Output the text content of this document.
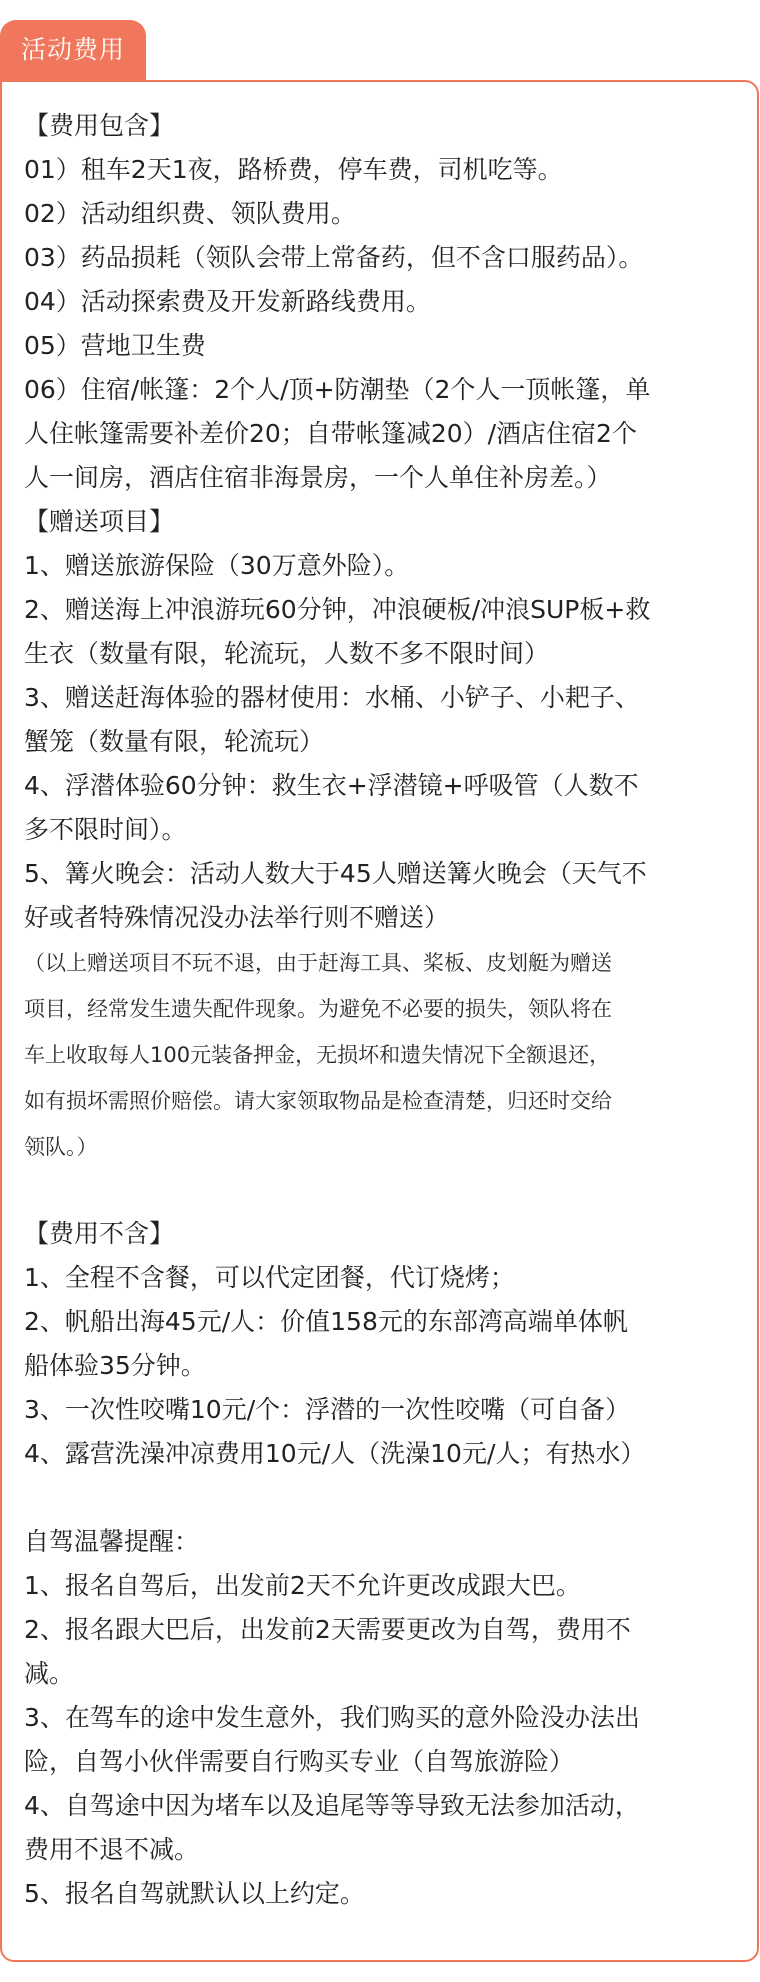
活动费用
【费用包含】
01）租车2天1夜，路桥费，停车费，司机吃等。
02）活动组织费、领队费用。
03）药品损耗（领队会带上常备药，但不含口服药品）。
04）活动探索费及开发新路线费用。
05）营地卫生费
06）住宿/帐篷：2个人/顶+防潮垫（2个人一顶帐篷，单
人住帐篷需要补差价20；自带帐篷减20）/酒店住宿2个
人一间房，酒店住宿非海景房，一个人单住补房差。）
【赠送项目】
1、赠送旅游保险（30万意外险）。
2、赠送海上冲浪游玩60分钟，冲浪硬板/冲浪SUP板+救
生衣（数量有限，轮流玩，人数不多不限时间）
3、赠送赶海体验的器材使用：水桶、小铲子、小耙子、
蟹笼（数量有限，轮流玩）
4、浮潜体验60分钟：救生衣+浮潜镜+呼吸管（人数不
多不限时间）。
5、篝火晚会：活动人数大于45人赠送篝火晚会（天气不
好或者特殊情况没办法举行则不赠送）
（以上赠送项目不玩不退，由于赶海工具、桨板、皮划艇为赠送
项目，经常发生遗失配件现象。为避免不必要的损失，领队将在
车上收取每人100元装备押金，无损坏和遗失情况下全额退还，
如有损坏需照价赔偿。请大家领取物品是检查清楚，归还时交给
领队。）
【费用不含】
1、全程不含餐，可以代定团餐，代订烧烤；
2、帆船出海45元/人：价值158元的东部湾高端单体帆
船体验35分钟。
3、一次性咬嘴10元/个：浮潜的一次性咬嘴（可自备）
4、露营洗澡冲凉费用10元/人（洗澡10元/人；有热水）
自驾温馨提醒：
1、报名自驾后，出发前2天不允许更改成跟大巴。
2、报名跟大巴后，出发前2天需要更改为自驾，费用不
减。
3、在驾车的途中发生意外，我们购买的意外险没办法出
险，自驾小伙伴需要自行购买专业（自驾旅游险）
4、自驾途中因为堵车以及追尾等等导致无法参加活动，
费用不退不减。
5、报名自驾就默认以上约定。
